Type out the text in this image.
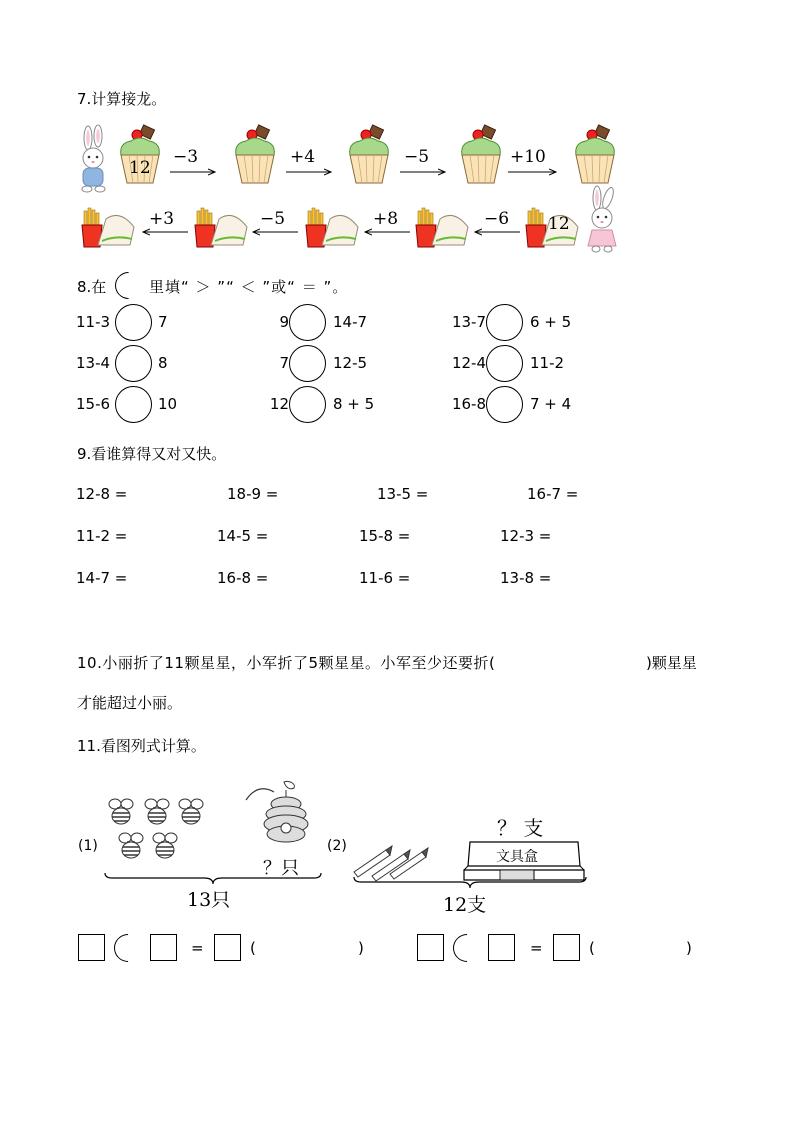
7.计算接龙。
12
12
−3	+4	−5	+10
+3	−5	+8	−6
8.在	里填“ ＞ ”“ ＜ ”或“ ＝ ”。
11-3	7	9	14-7	13-7	6 + 5
13-4	8	7	12-5	12-4	11-2
15-6	10	12	8 + 5	16-8	7 + 4
9.看谁算得又对又快。
12-8 =	18-9 =	13-5 =	16-7 =
11-2 =	14-5 =	15-8 =	12-3 =
14-7 =	16-8 =	11-6 =	13-8 =
10.小丽折了11颗星星，小军折了5颗星星。小军至少还要折(	)颗星星
才能超过小丽。
11.看图列式计算。
(1)	(2)
？只
13只
？ 支
文具盒
12支
=	(	)	=	(	)
